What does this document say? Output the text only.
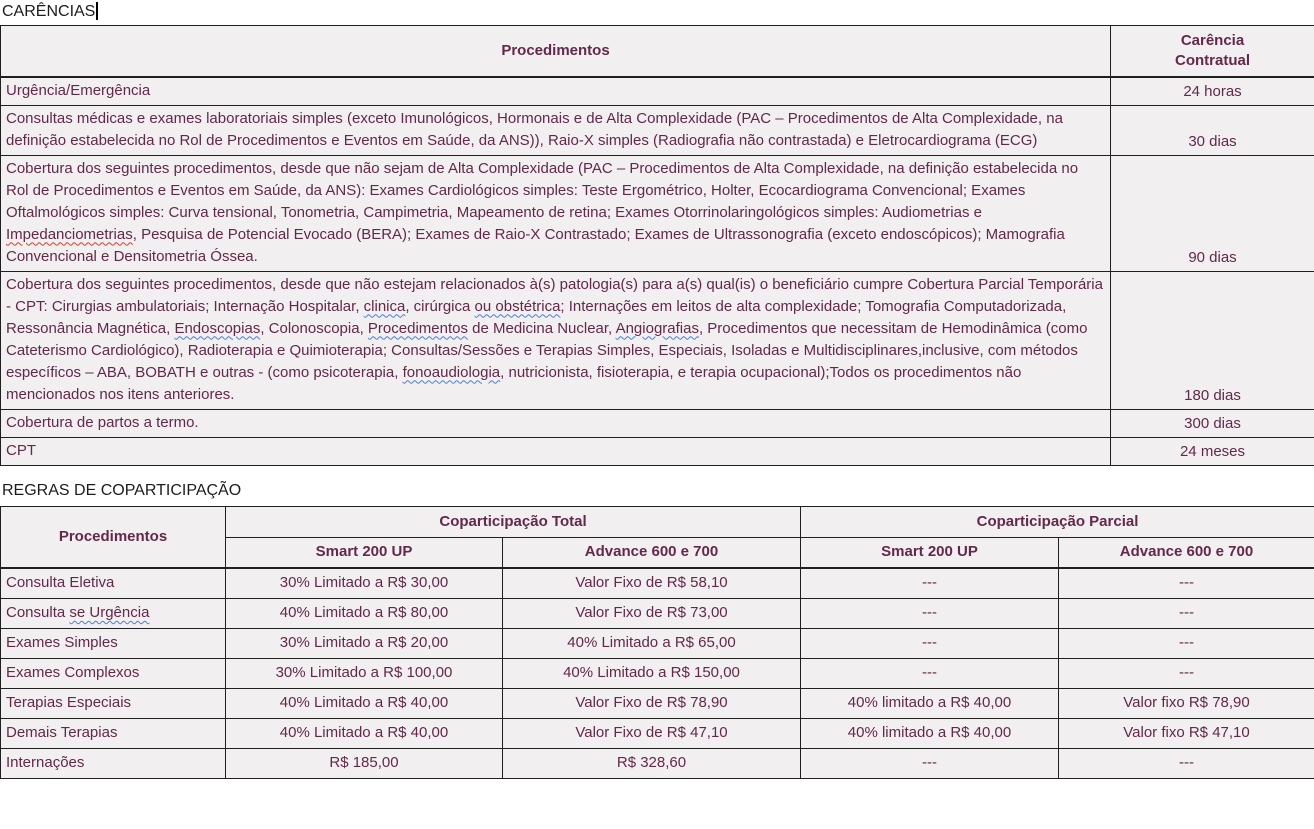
CARÊNCIAS
Procedimentos	Carência
Contratual

Urgência/Emergência	24 horas
Consultas médicas e exames laboratoriais simples (exceto Imunológicos, Hormonais e de Alta Complexidade (PAC – Procedimentos de Alta Complexidade, na definição estabelecida no Rol de Procedimentos e Eventos em Saúde, da ANS)), Raio-X simples (Radiografia não contrastada) e Eletrocardiograma (ECG)	30 dias
Cobertura dos seguintes procedimentos, desde que não sejam de Alta Complexidade (PAC – Procedimentos de Alta Complexidade, na definição estabelecida no Rol de Procedimentos e Eventos em Saúde, da ANS): Exames Cardiológicos simples: Teste Ergométrico, Holter, Ecocardiograma Convencional; Exames Oftalmológicos simples: Curva tensional, Tonometria, Campimetria, Mapeamento de retina; Exames Otorrinolaringológicos simples: Audiometrias e Impedanciometrias, Pesquisa de Potencial Evocado (BERA); Exames de Raio-X Contrastado; Exames de Ultrassonografia (exceto endoscópicos); Mamografia Convencional e Densitometria Óssea.	90 dias
Cobertura dos seguintes procedimentos, desde que não estejam relacionados à(s) patologia(s) para a(s) qual(is) o beneficiário cumpre Cobertura Parcial Temporária - CPT: Cirurgias ambulatoriais; Internação Hospitalar, clinica, cirúrgica ou obstétrica; Internações em leitos de alta complexidade; Tomografia Computadorizada, Ressonância Magnética, Endoscopias, Colonoscopia, Procedimentos de Medicina Nuclear, Angiografias, Procedimentos que necessitam de Hemodinâmica (como Cateterismo Cardiológico), Radioterapia e Quimioterapia; Consultas/Sessões e Terapias Simples, Especiais, Isoladas e Multidisciplinares,inclusive, com métodos específicos – ABA, BOBATH e outras - (como psicoterapia, fonoaudiologia, nutricionista, fisioterapia, e terapia ocupacional);Todos os procedimentos não mencionados nos itens anteriores.	180 dias
Cobertura de partos a termo.	300 dias
CPT	24 meses
REGRAS DE COPARTICIPAÇÃO
Procedimentos	Coparticipação Total		Coparticipação Parcial	
	Smart 200 UP	Advance 600 e 700	Smart 200 UP	Advance 600 e 700
Consulta Eletiva	30% Limitado a R$ 30,00	Valor Fixo de R$ 58,10	---	---
Consulta se Urgência	40% Limitado a R$ 80,00	Valor Fixo de R$ 73,00	---	---
Exames Simples	30% Limitado a R$ 20,00	40% Limitado a R$ 65,00	---	---
Exames Complexos	30% Limitado a R$ 100,00	40% Limitado a R$ 150,00	---	---
Terapias Especiais	40% Limitado a R$ 40,00	Valor Fixo de R$ 78,90	40% limitado a R$ 40,00	Valor fixo R$ 78,90
Demais Terapias	40% Limitado a R$ 40,00	Valor Fixo de R$ 47,10	40% limitado a R$ 40,00	Valor fixo R$ 47,10
Internações	R$ 185,00	R$ 328,60	---	---
